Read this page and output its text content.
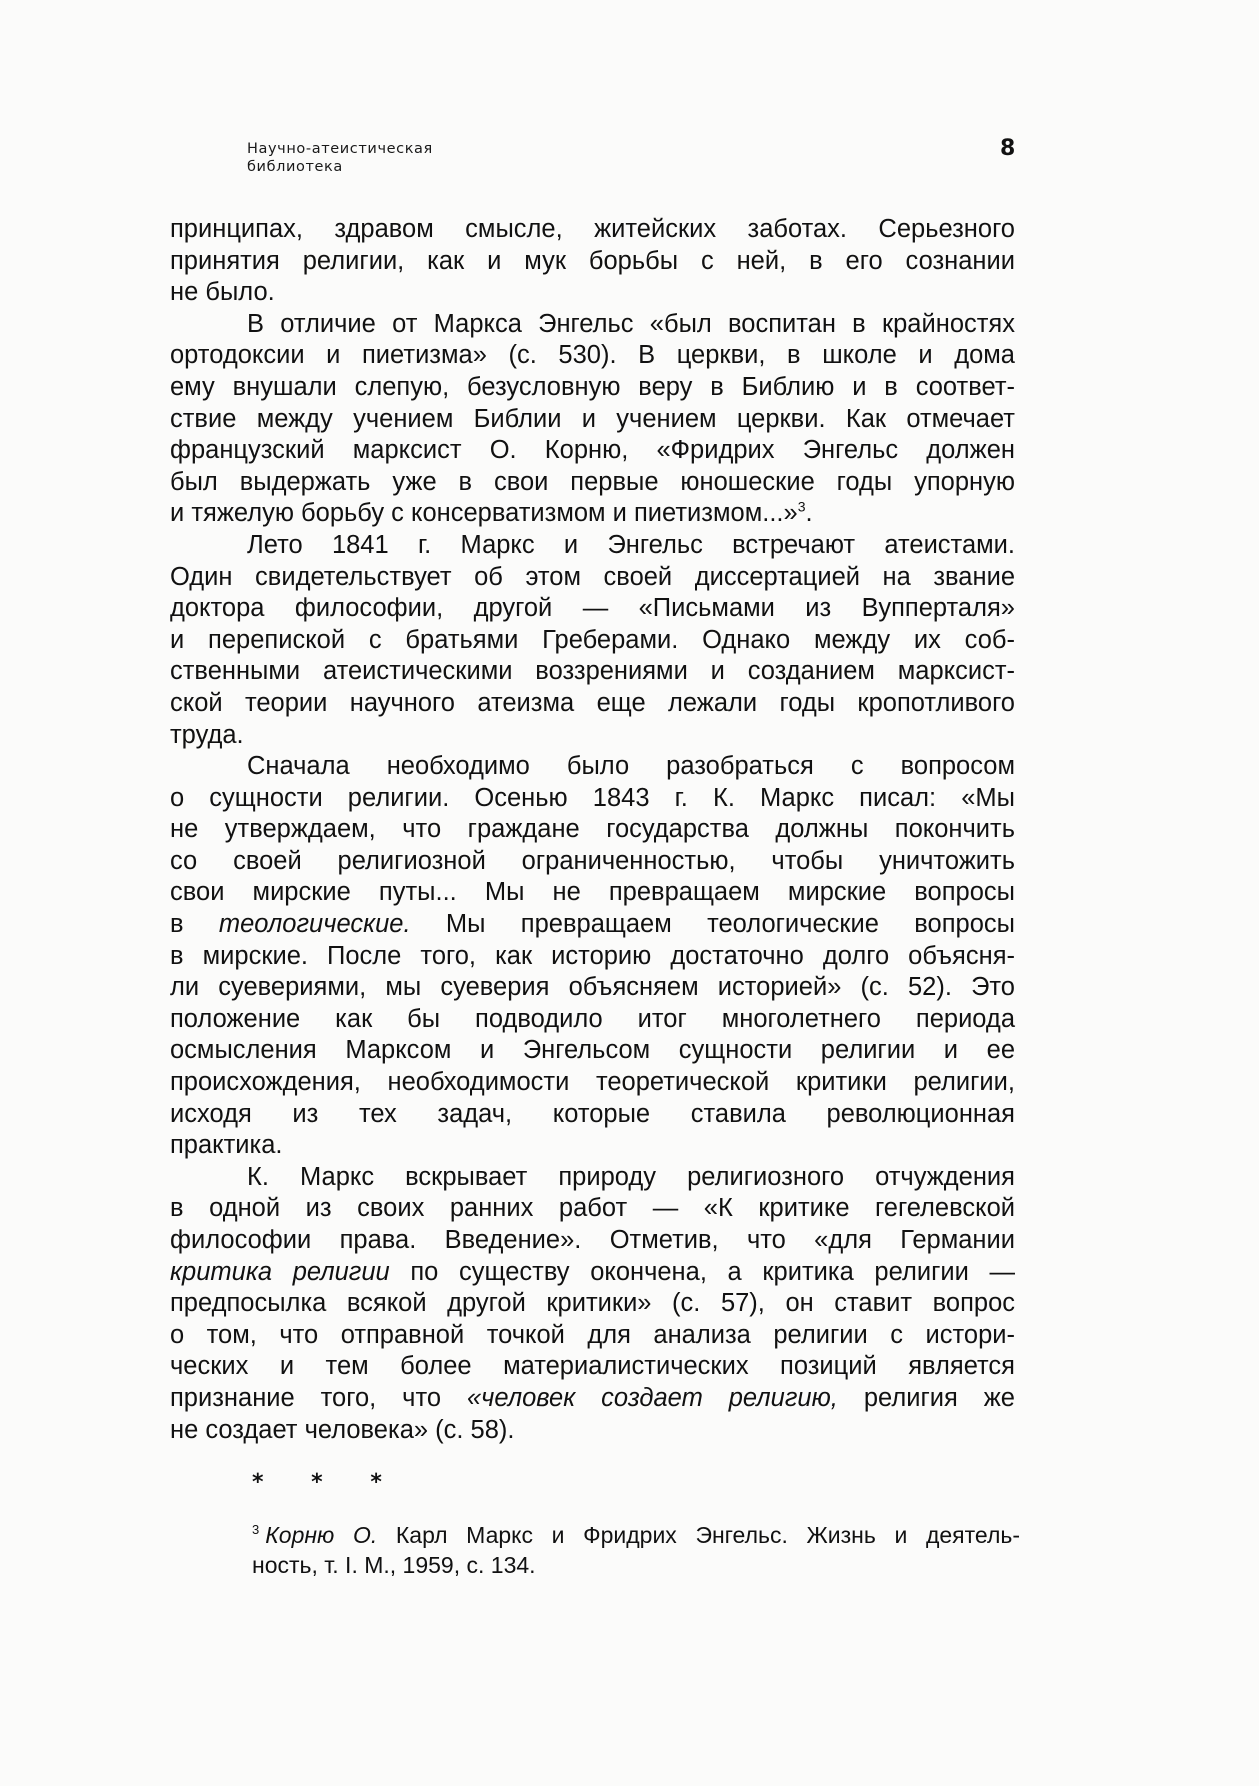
Научно-атеистическая
библиотека
8
принципах, здравом смысле, житейских заботах. Серьезного
принятия религии, как и мук борьбы с ней, в его сознании
не было.
В отличие от Маркса Энгельс «был воспитан в крайностях
ортодоксии и пиетизма» (с. 530). В церкви, в школе и дома
ему внушали слепую, безусловную веру в Библию и в соответ-
ствие между учением Библии и учением церкви. Как отмечает
французский марксист О. Корню, «Фридрих Энгельс должен
был выдержать уже в свои первые юношеские годы упорную
и тяжелую борьбу с консерватизмом и пиетизмом...»$^3$.
Лето 1841 г. Маркс и Энгельс встречают атеистами.
Один свидетельствует об этом своей диссертацией на звание
доктора философии, другой — «Письмами из Вупперталя»
и перепиской с братьями Греберами. Однако между их соб-
ственными атеистическими воззрениями и созданием марксист-
ской теории научного атеизма еще лежали годы кропотливого
труда.
Сначала необходимо было разобраться с вопросом
о сущности религии. Осенью 1843 г. К. Маркс писал: «Мы
не утверждаем, что граждане государства должны покончить
со своей религиозной ограниченностью, чтобы уничтожить
свои мирские путы... Мы не превращаем мирские вопросы
в теологические. Мы превращаем теологические вопросы
в мирские. После того, как историю достаточно долго объясня-
ли суевериями, мы суеверия объясняем историей» (с. 52). Это
положение как бы подводило итог многолетнего периода
осмысления Марксом и Энгельсом сущности религии и ее
происхождения, необходимости теоретической критики религии,
исходя из тех задач, которые ставила революционная
практика.
К. Маркс вскрывает природу религиозного отчуждения
в одной из своих ранних работ — «К критике гегелевской
философии права. Введение». Отметив, что «для Германии
критика религии по существу окончена, а критика религии —
предпосылка всякой другой критики» (с. 57), он ставит вопрос
о том, что отправной точкой для анализа религии с истори-
ческих и тем более материалистических позиций является
признание того, что «человек создает религию, религия же
не создает человека» (с. 58).
* * *
$^3$ Корню О. Карл Маркс и Фридрих Энгельс. Жизнь и деятель-
ность, т. I. М., 1959, с. 134.
